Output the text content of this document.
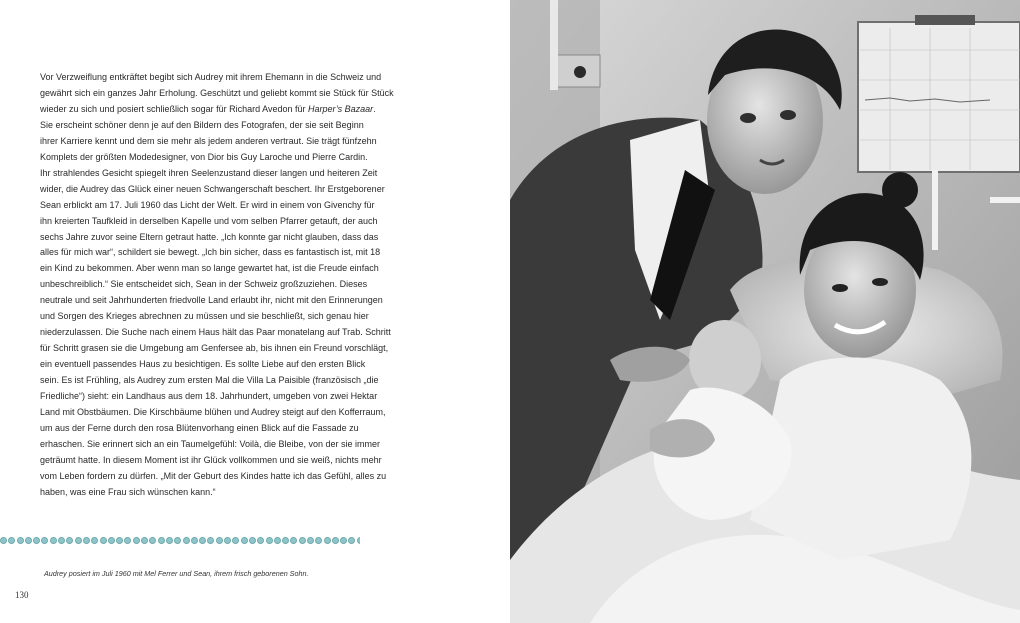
Vor Verzweiflung entkräftet begibt sich Audrey mit ihrem Ehemann in die Schweiz und
gewährt sich ein ganzes Jahr Erholung. Geschützt und geliebt kommt sie Stück für Stück
wieder zu sich und posiert schließlich sogar für Richard Avedon für Harper’s Bazaar.
Sie erscheint schöner denn je auf den Bildern des Fotografen, der sie seit Beginn
ihrer Karriere kennt und dem sie mehr als jedem anderen vertraut. Sie trägt fünfzehn
Komplets der größten Modedesigner, von Dior bis Guy Laroche und Pierre Cardin.
Ihr strahlendes Gesicht spiegelt ihren Seelenzustand dieser langen und heiteren Zeit
wider, die Audrey das Glück einer neuen Schwangerschaft beschert. Ihr Erstgeborener
Sean erblickt am 17. Juli 1960 das Licht der Welt. Er wird in einem von Givenchy für
ihn kreierten Taufkleid in derselben Kapelle und vom selben Pfarrer getauft, der auch
sechs Jahre zuvor seine Eltern getraut hatte. „Ich konnte gar nicht glauben, dass das
alles für mich war“, schildert sie bewegt. „Ich bin sicher, dass es fantastisch ist, mit 18
ein Kind zu bekommen. Aber wenn man so lange gewartet hat, ist die Freude einfach
unbeschreiblich.“ Sie entscheidet sich, Sean in der Schweiz großzuziehen. Dieses
neutrale und seit Jahrhunderten friedvolle Land erlaubt ihr, nicht mit den Erinnerungen
und Sorgen des Krieges abrechnen zu müssen und sie beschließt, sich genau hier
niederzulassen. Die Suche nach einem Haus hält das Paar monatelang auf Trab. Schritt
für Schritt grasen sie die Umgebung am Genfersee ab, bis ihnen ein Freund vorschlägt,
ein eventuell passendes Haus zu besichtigen. Es sollte Liebe auf den ersten Blick
sein. Es ist Frühling, als Audrey zum ersten Mal die Villa La Paisible (französisch „die
Friedliche“) sieht: ein Landhaus aus dem 18. Jahrhundert, umgeben von zwei Hektar
Land mit Obstbäumen. Die Kirschbäume blühen und Audrey steigt auf den Kofferraum,
um aus der Ferne durch den rosa Blütenvorhang einen Blick auf die Fassade zu
erhaschen. Sie erinnert sich an ein Taumelgefühl: Voilà, die Bleibe, von der sie immer
geträumt hatte. In diesem Moment ist ihr Glück vollkommen und sie weiß, nichts mehr
vom Leben fordern zu dürfen. „Mit der Geburt des Kindes hatte ich das Gefühl, alles zu
haben, was eine Frau sich wünschen kann.“
Audrey posiert im Juli 1960 mit Mel Ferrer und Sean, ihrem frisch geborenen Sohn.
130
